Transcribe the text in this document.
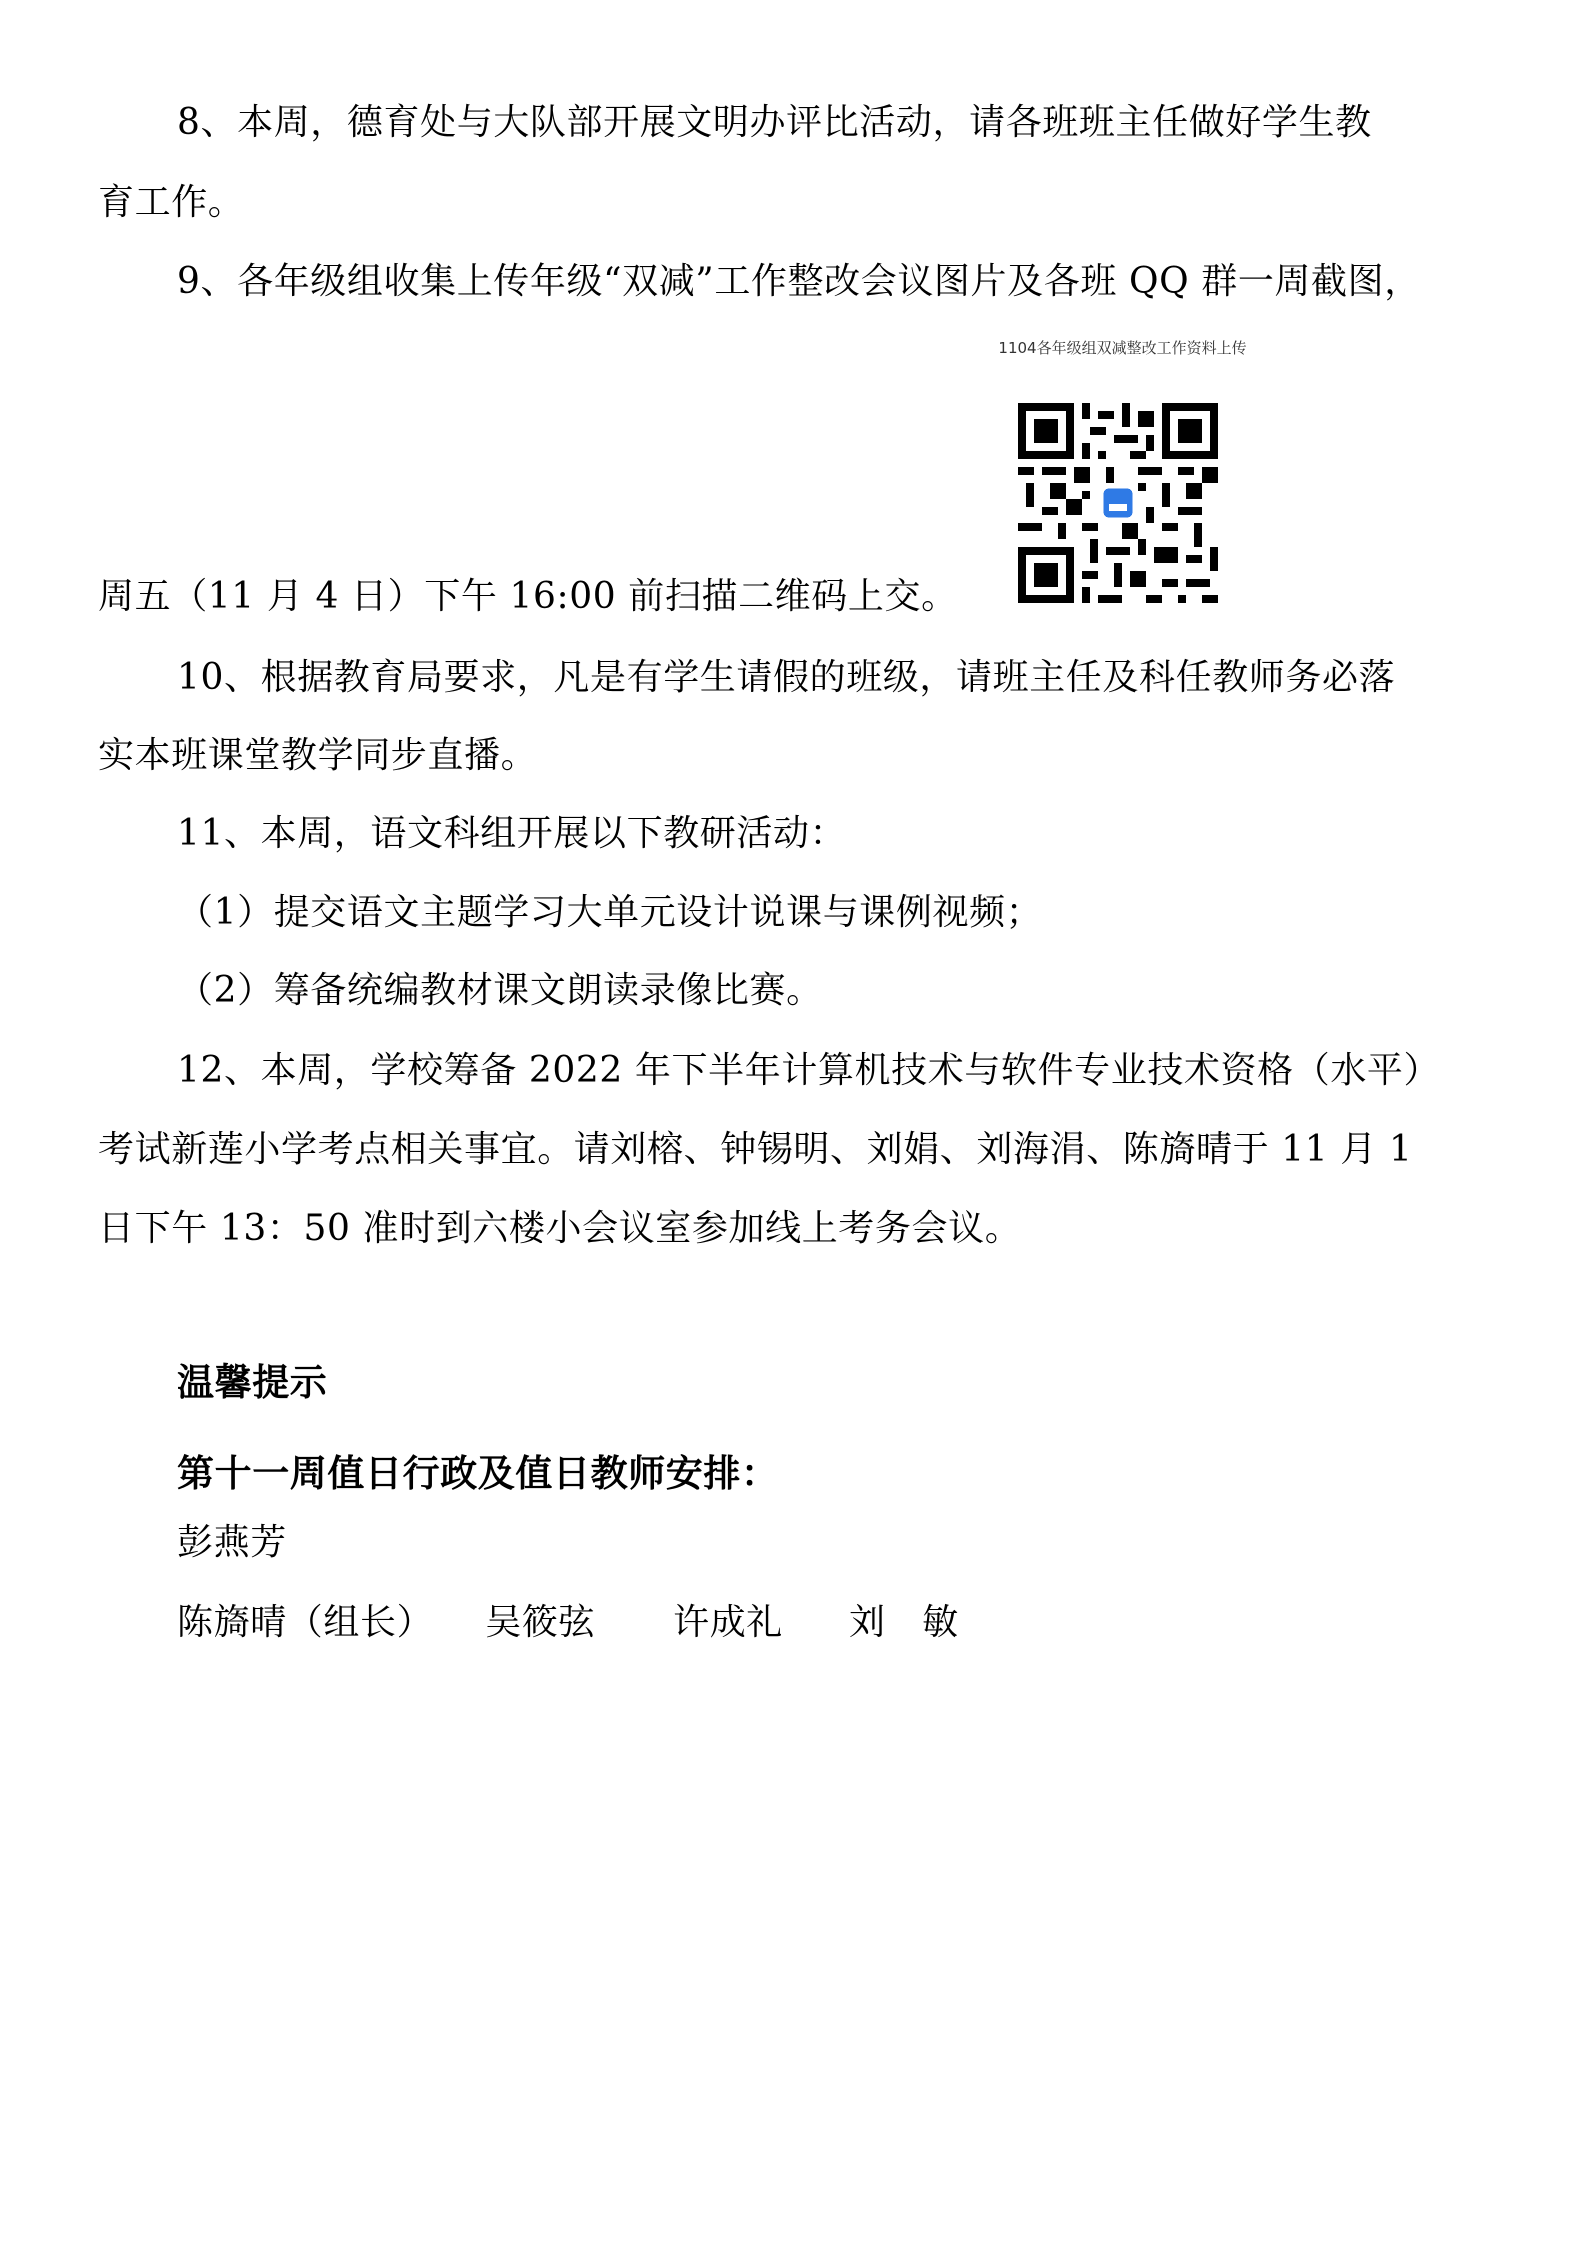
8、本周，德育处与大队部开展文明办评比活动，请各班班主任做好学生教
育工作。
9、各年级组收集上传年级“双减”工作整改会议图片及各班 QQ 群一周截图，
1104各年级组双减整改工作资料上传
周五（11 月 4 日）下午 16:00 前扫描二维码上交。
10、根据教育局要求，凡是有学生请假的班级，请班主任及科任教师务必落
实本班课堂教学同步直播。
11、本周，语文科组开展以下教研活动：
（1）提交语文主题学习大单元设计说课与课例视频；
（2）筹备统编教材课文朗读录像比赛。
12、本周，学校筹备 2022 年下半年计算机技术与软件专业技术资格（水平）
考试新莲小学考点相关事宜。请刘榕、钟锡明、刘娟、刘海涓、陈旖晴于 11 月 1
日下午 13：50 准时到六楼小会议室参加线上考务会议。
温馨提示
第十一周值日行政及值日教师安排：
彭燕芳
陈旖晴（组长） 吴筱弦 许成礼 刘　敏
